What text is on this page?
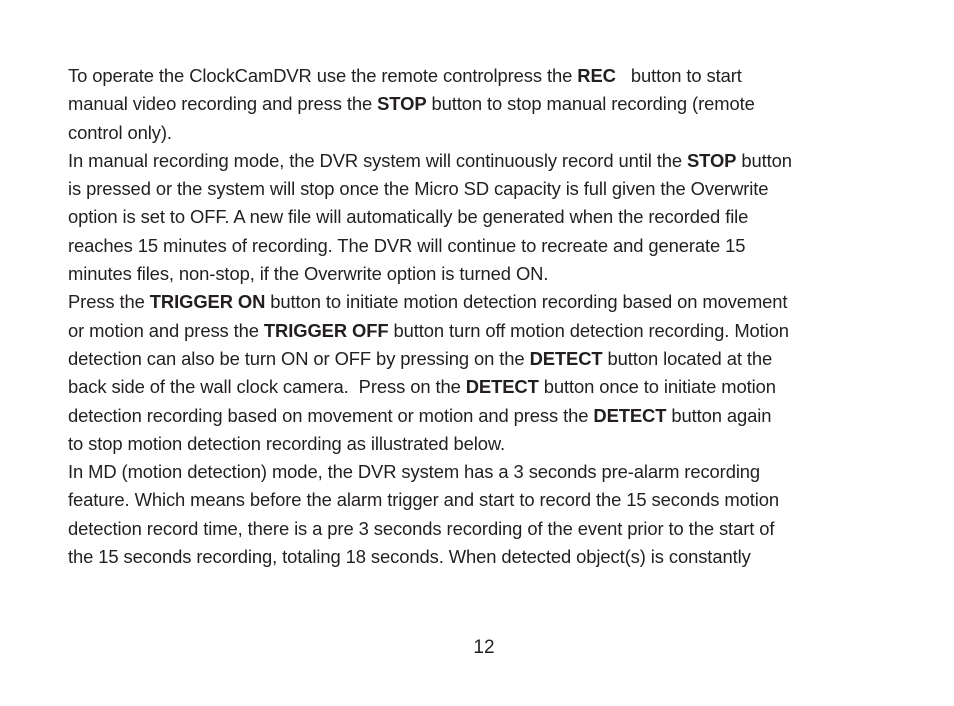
To operate the ClockCamDVR use the remote controlpress the REC   button to start
manual video recording and press the STOP button to stop manual recording (remote
control only).
In manual recording mode, the DVR system will continuously record until the STOP button
is pressed or the system will stop once the Micro SD capacity is full given the Overwrite
option is set to OFF. A new file will automatically be generated when the recorded file
reaches 15 minutes of recording. The DVR will continue to recreate and generate 15
minutes files, non-stop, if the Overwrite option is turned ON.
Press the TRIGGER ON button to initiate motion detection recording based on movement
or motion and press the TRIGGER OFF button turn off motion detection recording. Motion
detection can also be turn ON or OFF by pressing on the DETECT button located at the
back side of the wall clock camera.  Press on the DETECT button once to initiate motion
detection recording based on movement or motion and press the DETECT button again
to stop motion detection recording as illustrated below.
In MD (motion detection) mode, the DVR system has a 3 seconds pre-alarm recording
feature. Which means before the alarm trigger and start to record the 15 seconds motion
detection record time, there is a pre 3 seconds recording of the event prior to the start of
the 15 seconds recording, totaling 18 seconds. When detected object(s) is constantly
12
